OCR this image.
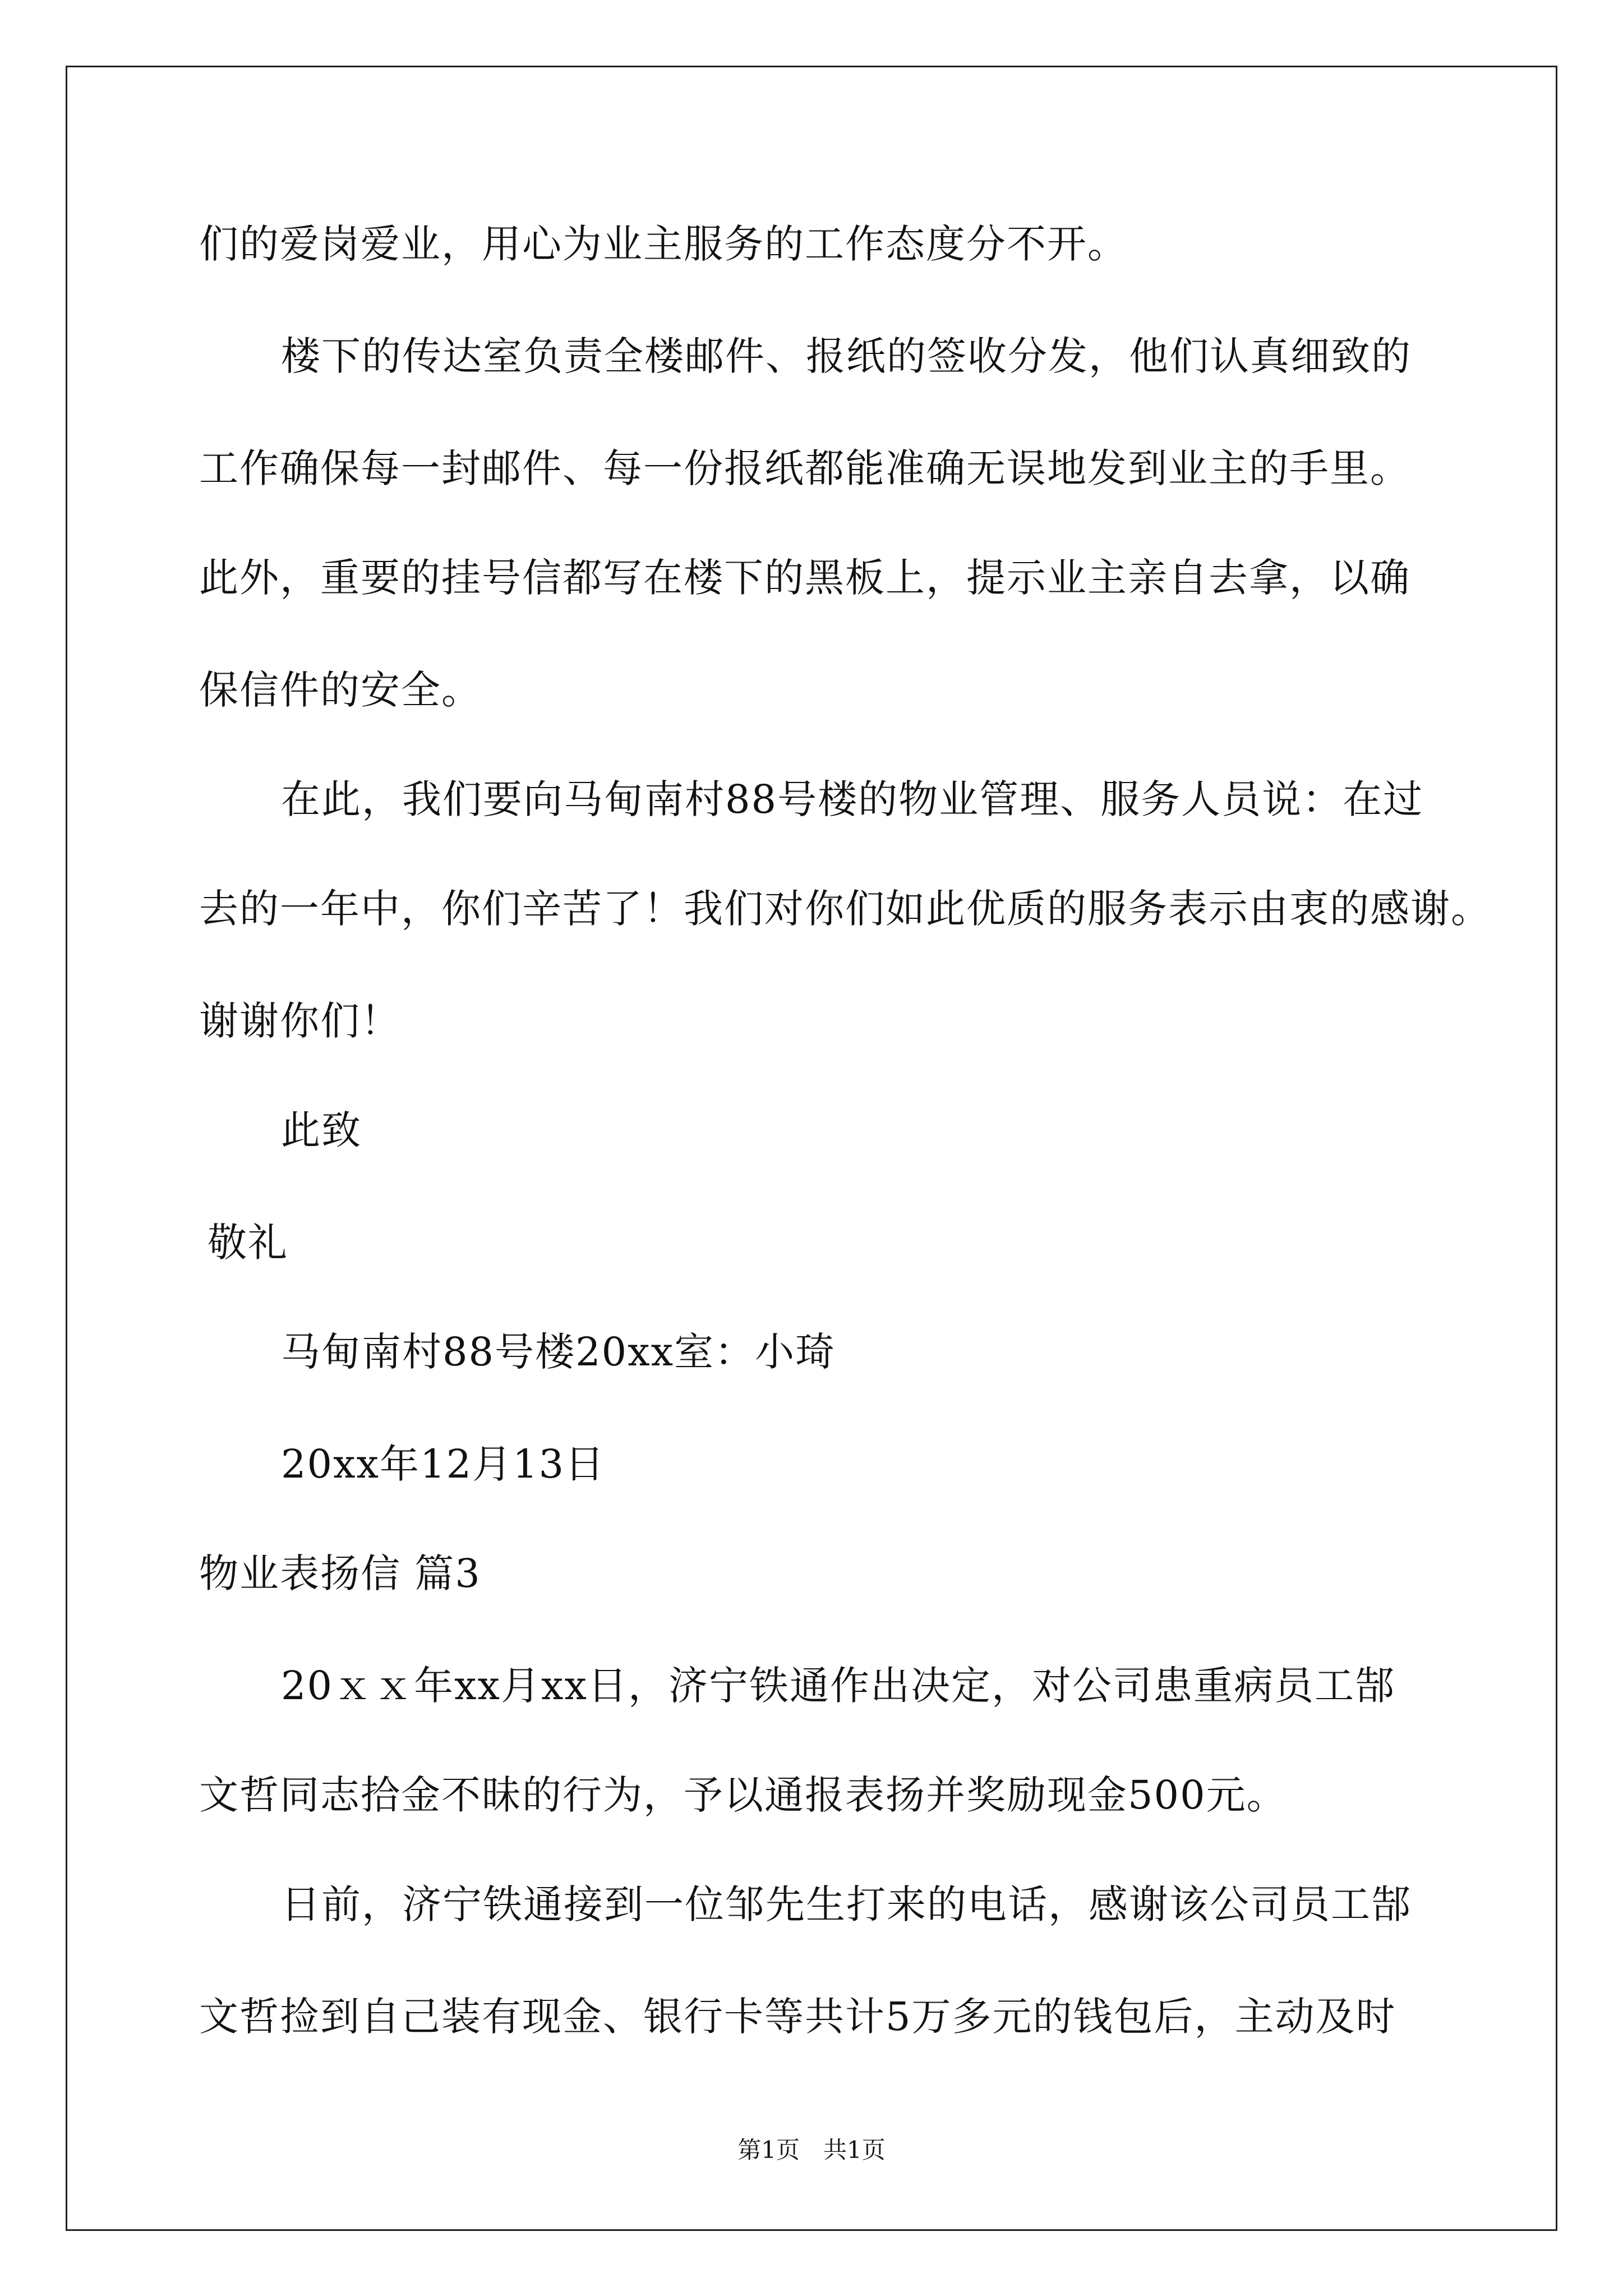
们的爱岗爱业，用心为业主服务的工作态度分不开。
楼下的传达室负责全楼邮件、报纸的签收分发，他们认真细致的
工作确保每一封邮件、每一份报纸都能准确无误地发到业主的手里。
此外，重要的挂号信都写在楼下的黑板上，提示业主亲自去拿，以确
保信件的安全。
在此，我们要向马甸南村88号楼的物业管理、服务人员说：在过
去的一年中，你们辛苦了！我们对你们如此优质的服务表示由衷的感谢。
谢谢你们！
此致
敬礼
马甸南村88号楼20xx室：小琦
20xx年12月13日
物业表扬信 篇3
20ｘｘ年xx月xx日，济宁铁通作出决定，对公司患重病员工郜
文哲同志拾金不昧的行为，予以通报表扬并奖励现金500元。
日前，济宁铁通接到一位邹先生打来的电话，感谢该公司员工郜
文哲捡到自己装有现金、银行卡等共计5万多元的钱包后，主动及时
第1页　共1页
